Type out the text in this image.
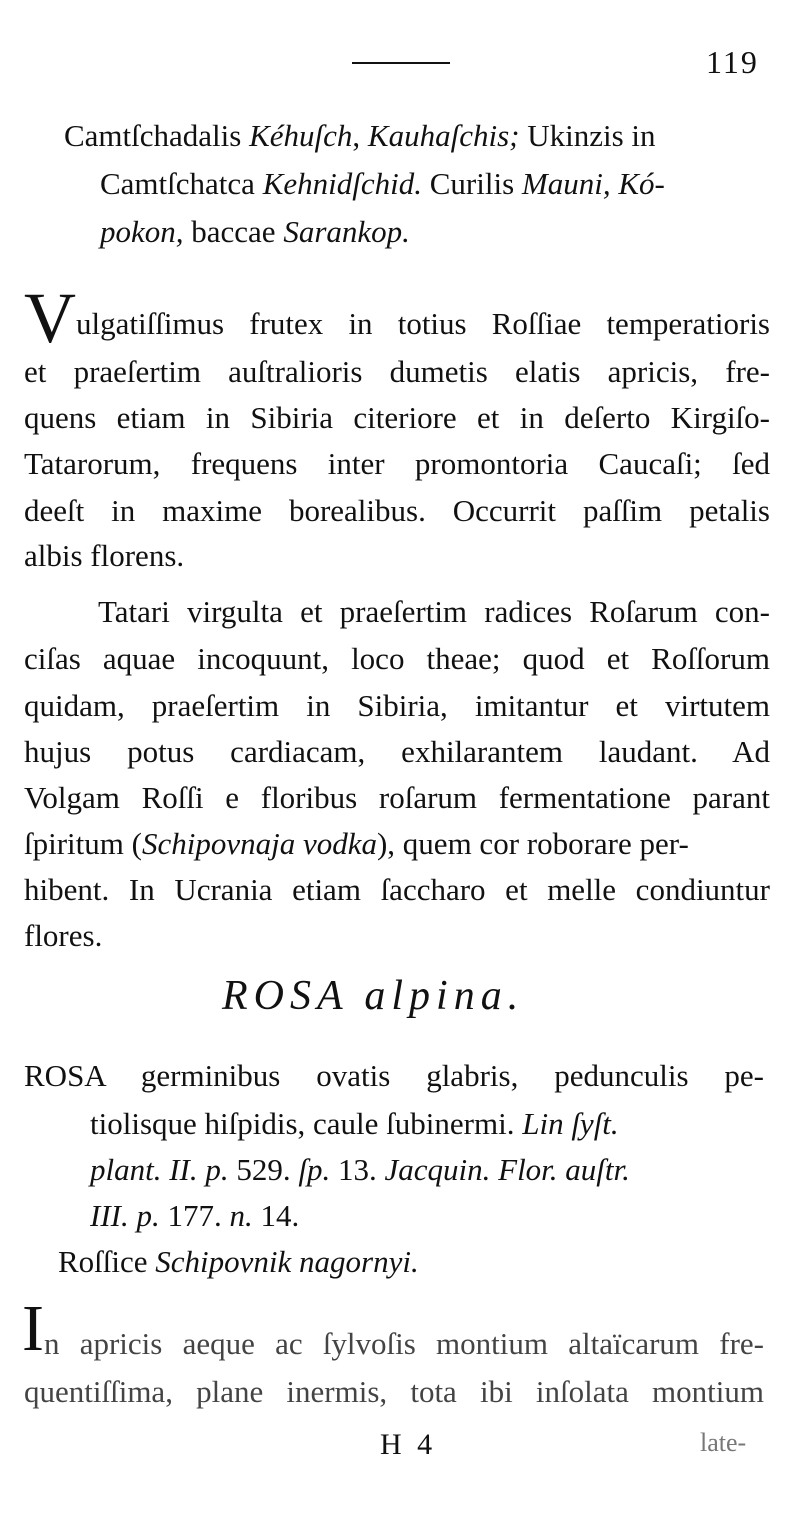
119
Camtſchadalis Kéhuſch, Kauhaſchis; Ukinzis in
Camtſchatca Kehnidſchid. Curilis Mauni, Kó-
pokon, baccae Sarankop.
V ulgatiſſimus frutex in totius Roſſiae temperatioris
et praeſertim auſtralioris dumetis elatis apricis, fre-
quens etiam in Sibiria citeriore et in deſerto Kirgiſo-
Tatarorum, frequens inter promontoria Caucaſi; ſed
deeſt in maxime borealibus. Occurrit paſſim petalis
albis florens.
Tatari virgulta et praeſertim radices Roſarum con-
ciſas aquae incoquunt, loco theae; quod et Roſſorum
quidam, praeſertim in Sibiria, imitantur et virtutem
hujus potus cardiacam, exhilarantem laudant. Ad
Volgam Roſſi e floribus roſarum fermentatione parant
ſpiritum (Schipovnaja vodka), quem cor roborare per-
hibent. In Ucrania etiam ſaccharo et melle condiuntur
flores.
ROSA alpina.
ROSA germinibus ovatis glabris, pedunculis pe-
tiolisque hiſpidis, caule ſubinermi. Lin ſyſt.
plant. II. p. 529. ſp. 13. Jacquin. Flor. auſtr.
III. p. 177. n. 14.
Roſſice Schipovnik nagornyi.
I n apricis aeque ac ſylvoſis montium altaïcarum fre-
quentiſſima, plane inermis, tota ibi inſolata montium
H 4	late-
